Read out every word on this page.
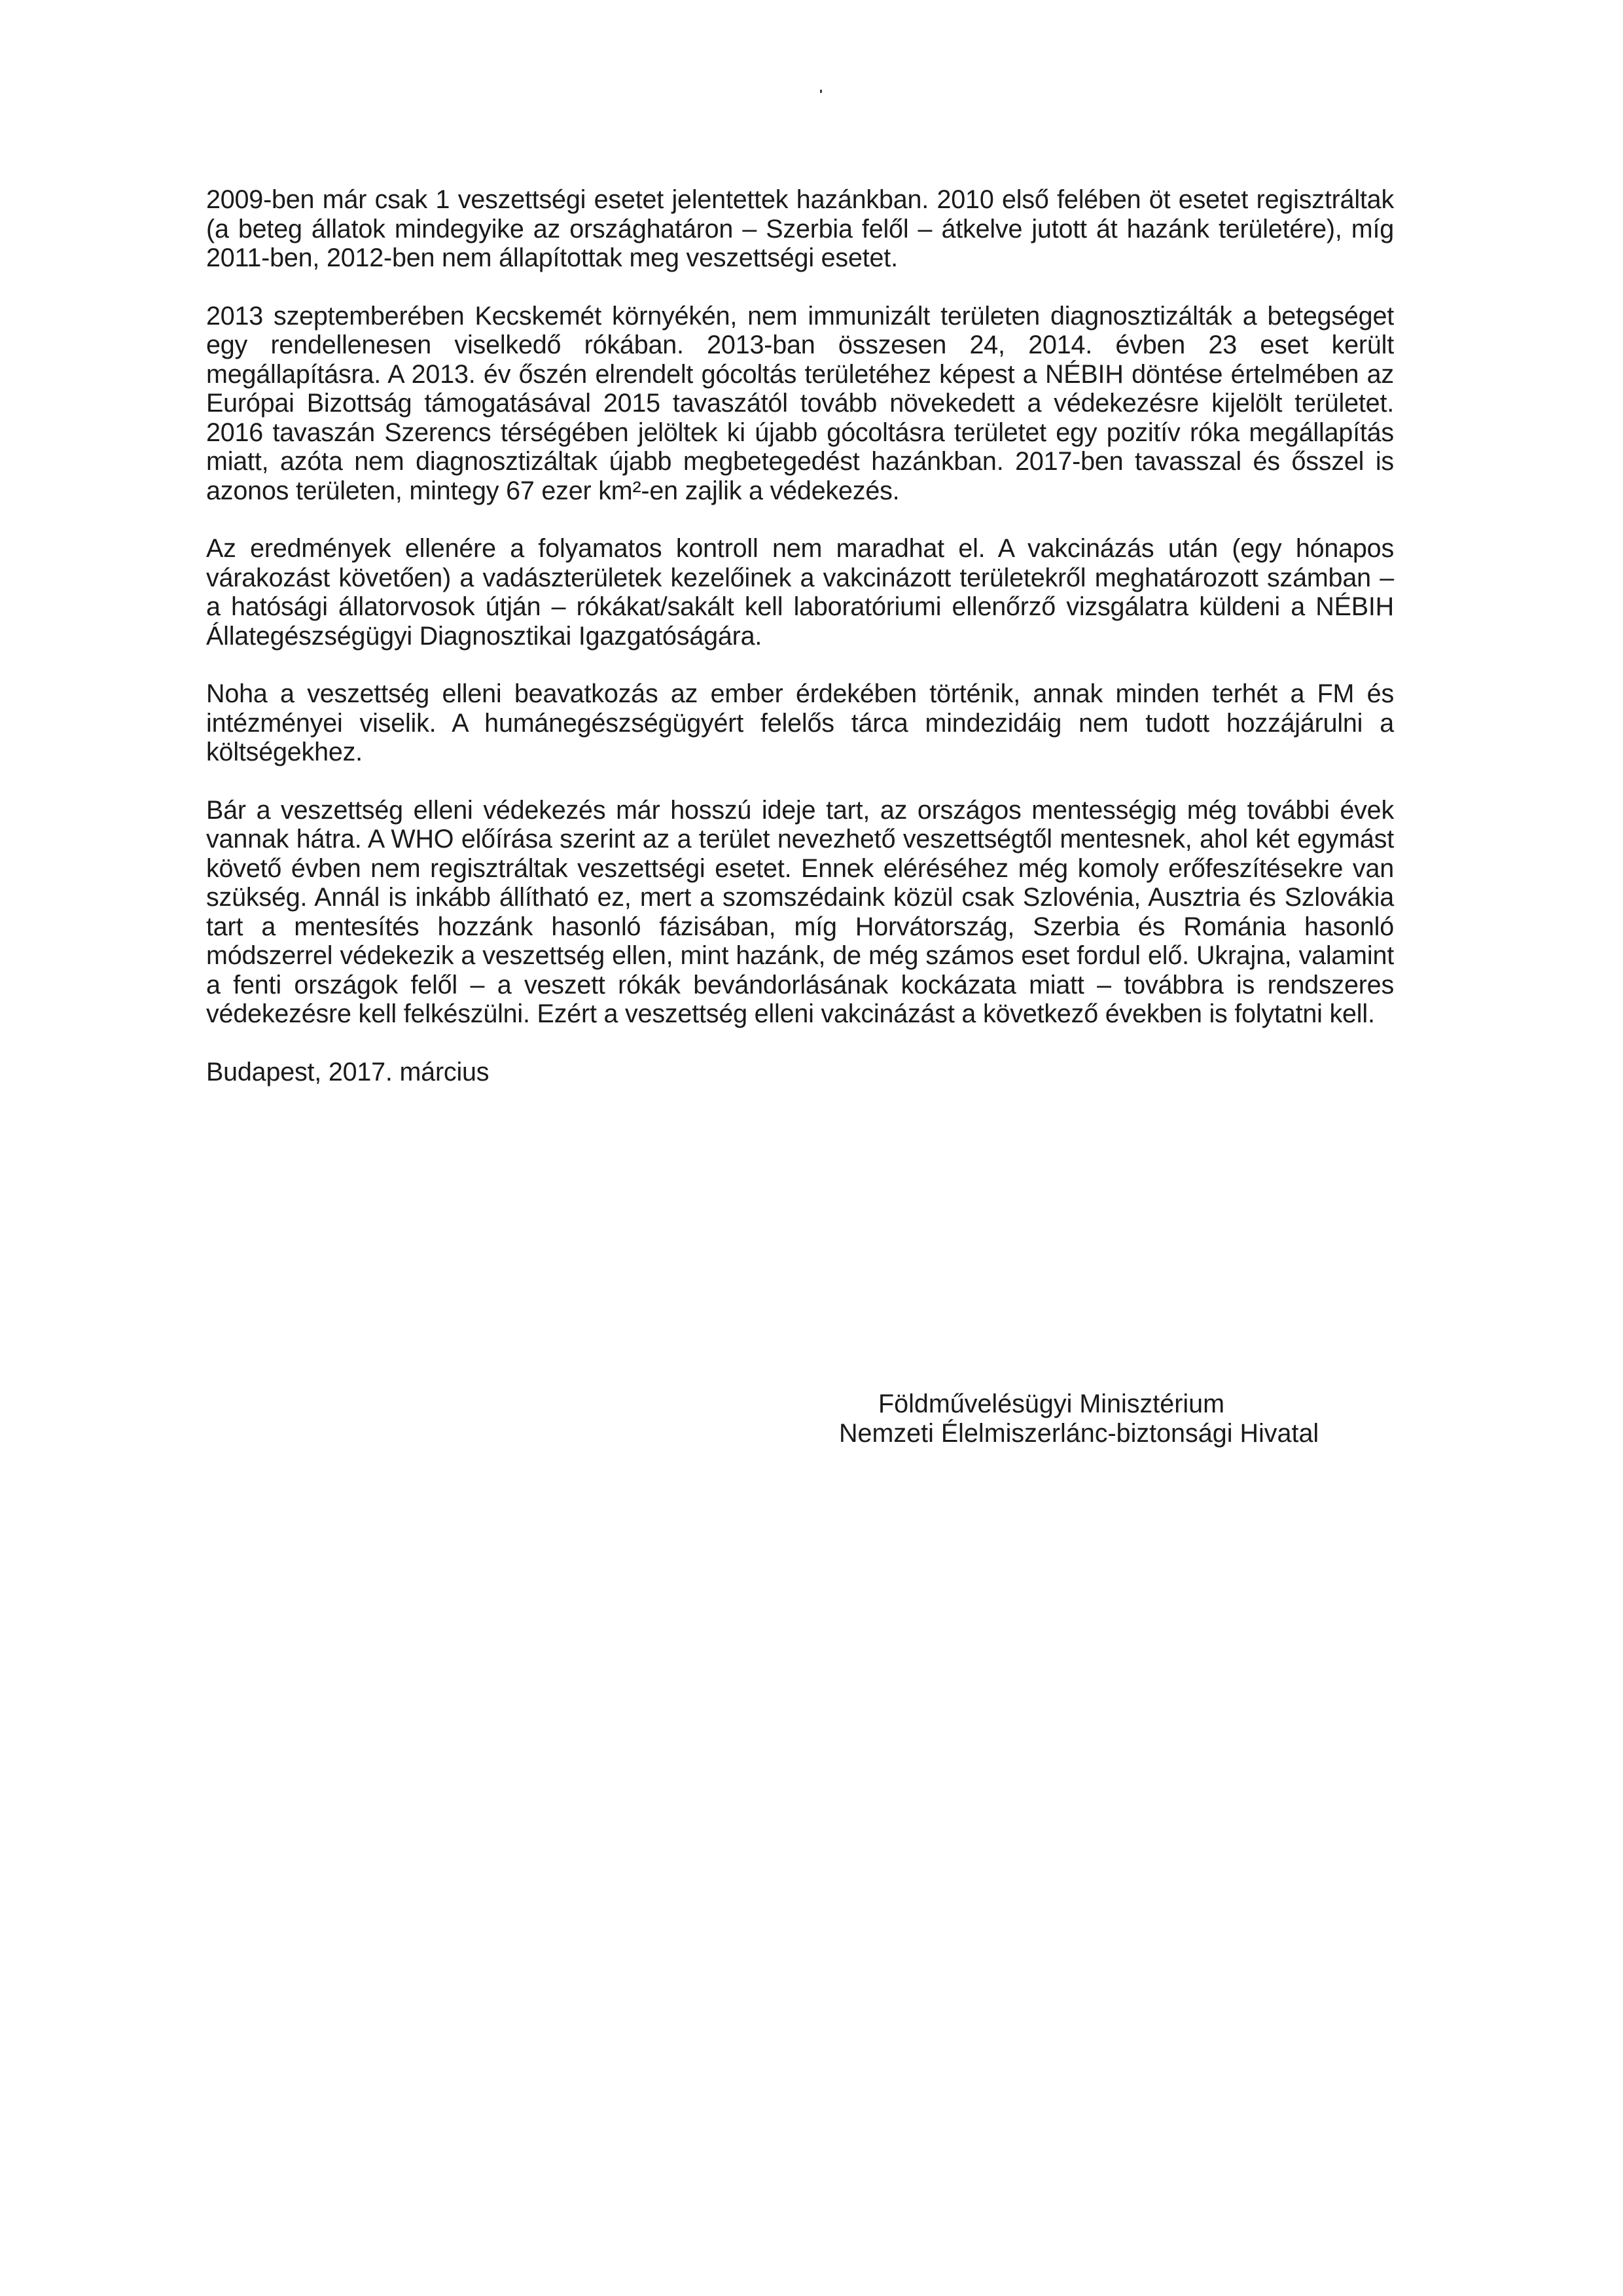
2009-ben már csak 1 veszettségi esetet jelentettek hazánkban. 2010 első felében öt esetet regisztráltak (a beteg állatok mindegyike az országhatáron – Szerbia felől – átkelve jutott át hazánk területére), míg 2011-ben, 2012-ben nem állapítottak meg veszettségi esetet.

2013 szeptemberében Kecskemét környékén, nem immunizált területen diagnosztizálták a betegséget egy rendellenesen viselkedő rókában. 2013-ban összesen 24, 2014. évben 23 eset került megállapításra. A 2013. év őszén elrendelt gócoltás területéhez képest a NÉBIH döntése értelmében az Európai Bizottság támogatásával 2015 tavaszától tovább növekedett a védekezésre kijelölt területet. 2016 tavaszán Szerencs térségében jelöltek ki újabb gócoltásra területet egy pozitív róka megállapítás miatt, azóta nem diagnosztizáltak újabb megbetegedést hazánkban. 2017-ben tavasszal és ősszel is azonos területen, mintegy 67 ezer km²-en zajlik a védekezés.

Az eredmények ellenére a folyamatos kontroll nem maradhat el. A vakcinázás után (egy hónapos várakozást követően) a vadászterületek kezelőinek a vakcinázott területekről meghatározott számban – a hatósági állatorvosok útján – rókákat/sakált kell laboratóriumi ellenőrző vizsgálatra küldeni a NÉBIH Állategészségügyi Diagnosztikai Igazgatóságára.

Noha a veszettség elleni beavatkozás az ember érdekében történik, annak minden terhét a FM és intézményei viselik. A humánegészségügyért felelős tárca mindezidáig nem tudott hozzájárulni a költségekhez.

Bár a veszettség elleni védekezés már hosszú ideje tart, az országos mentességig még további évek vannak hátra. A WHO előírása szerint az a terület nevezhető veszettségtől mentesnek, ahol két egymást követő évben nem regisztráltak veszettségi esetet. Ennek eléréséhez még komoly erőfeszítésekre van szükség. Annál is inkább állítható ez, mert a szomszédaink közül csak Szlovénia, Ausztria és Szlovákia tart a mentesítés hozzánk hasonló fázisában, míg Horvátország, Szerbia és Románia hasonló módszerrel védekezik a veszettség ellen, mint hazánk, de még számos eset fordul elő. Ukrajna, valamint a fenti országok felől – a veszett rókák bevándorlásának kockázata miatt – továbbra is rendszeres védekezésre kell felkészülni. Ezért a veszettség elleni vakcinázást a következő években is folytatni kell.

Budapest, 2017. március

Földművelésügyi Minisztérium
Nemzeti Élelmiszerlánc-biztonsági Hivatal
